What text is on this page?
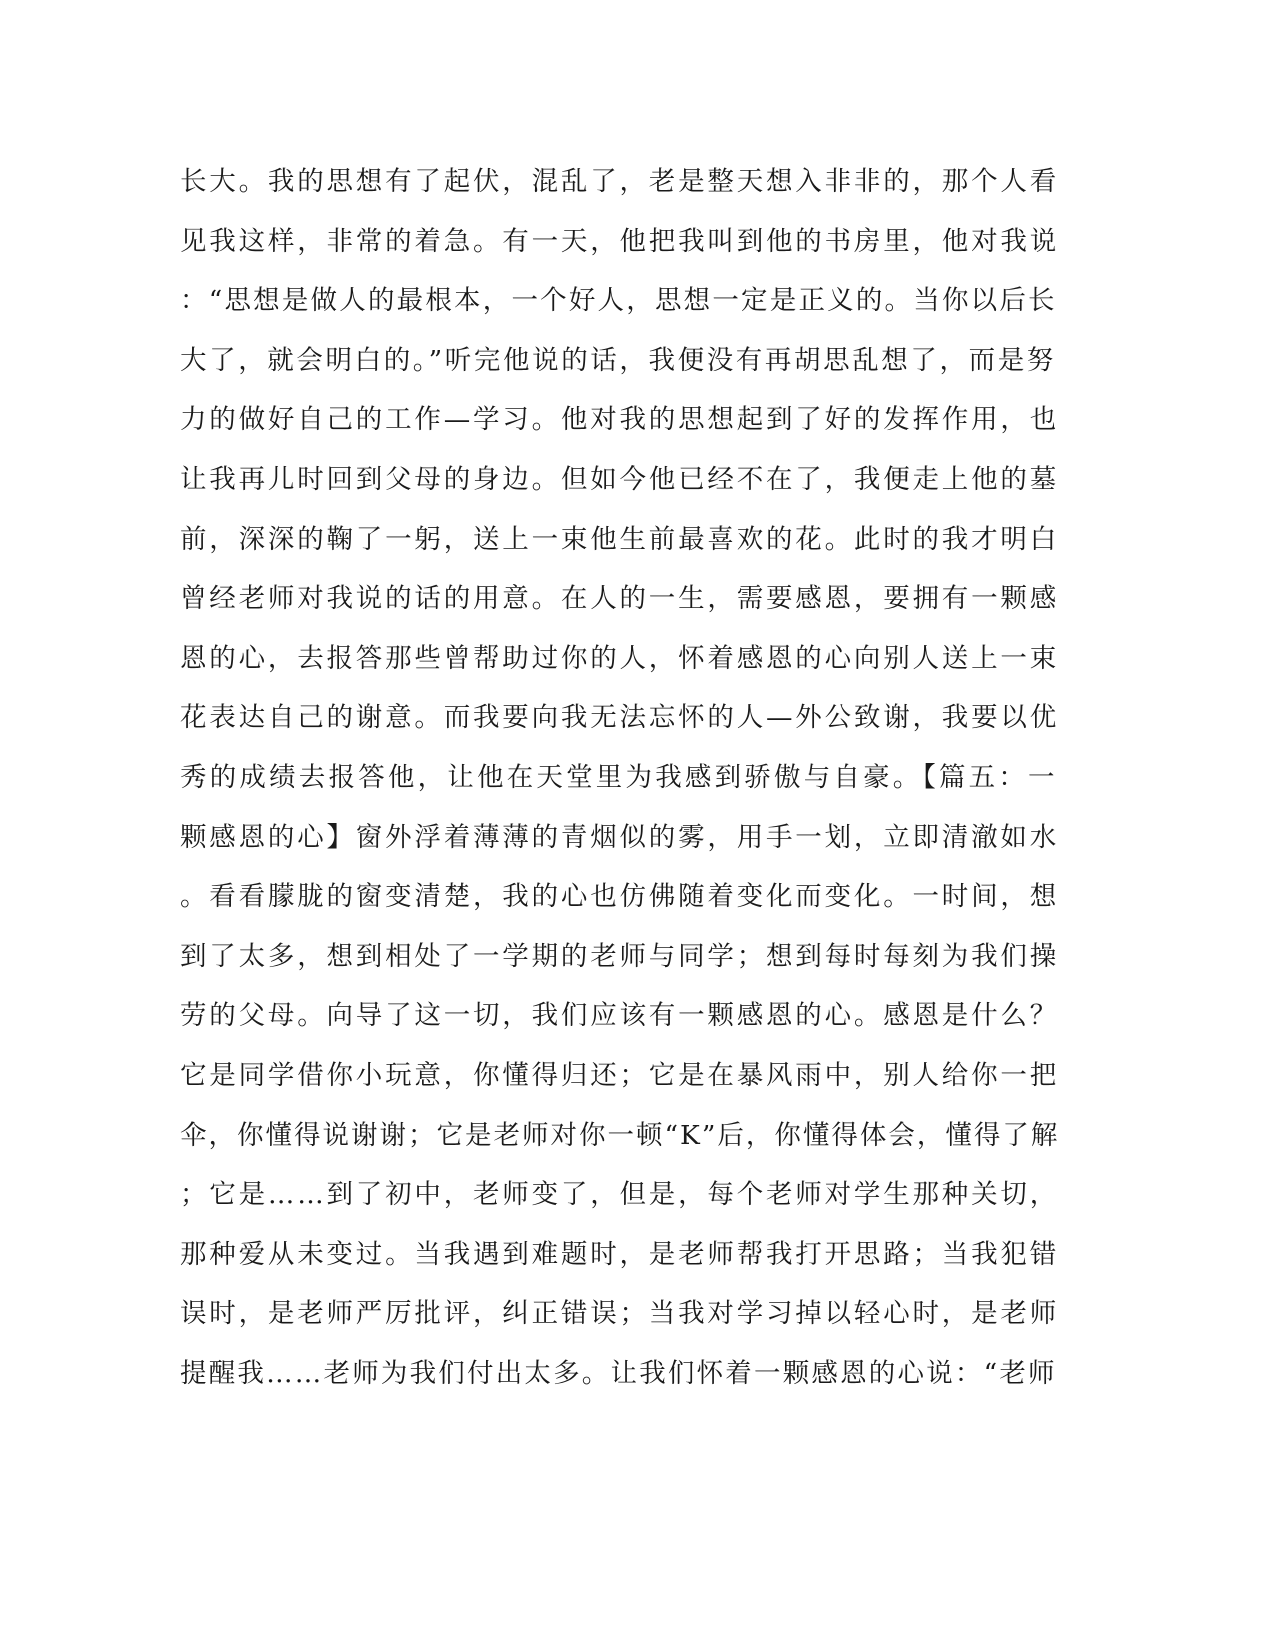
长大。我的思想有了起伏，混乱了，老是整天想入非非的，那个人看
见我这样，非常的着急。有一天，他把我叫到他的书房里，他对我说
：“思想是做人的最根本，一个好人，思想一定是正义的。当你以后长
大了，就会明白的。”听完他说的话，我便没有再胡思乱想了，而是努
力的做好自己的工作—学习。他对我的思想起到了好的发挥作用，也
让我再儿时回到父母的身边。但如今他已经不在了，我便走上他的墓
前，深深的鞠了一躬，送上一束他生前最喜欢的花。此时的我才明白
曾经老师对我说的话的用意。在人的一生，需要感恩，要拥有一颗感
恩的心，去报答那些曾帮助过你的人，怀着感恩的心向别人送上一束
花表达自己的谢意。而我要向我无法忘怀的人—外公致谢，我要以优
秀的成绩去报答他，让他在天堂里为我感到骄傲与自豪。【篇五：一
颗感恩的心】窗外浮着薄薄的青烟似的雾，用手一划，立即清澈如水
。看看朦胧的窗变清楚，我的心也仿佛随着变化而变化。一时间，想
到了太多，想到相处了一学期的老师与同学；想到每时每刻为我们操
劳的父母。向导了这一切，我们应该有一颗感恩的心。感恩是什么？
它是同学借你小玩意，你懂得归还；它是在暴风雨中，别人给你一把
伞，你懂得说谢谢；它是老师对你一顿“K”后，你懂得体会，懂得了解
；它是……到了初中，老师变了，但是，每个老师对学生那种关切，
那种爱从未变过。当我遇到难题时，是老师帮我打开思路；当我犯错
误时，是老师严厉批评，纠正错误；当我对学习掉以轻心时，是老师
提醒我……老师为我们付出太多。让我们怀着一颗感恩的心说：“老师
